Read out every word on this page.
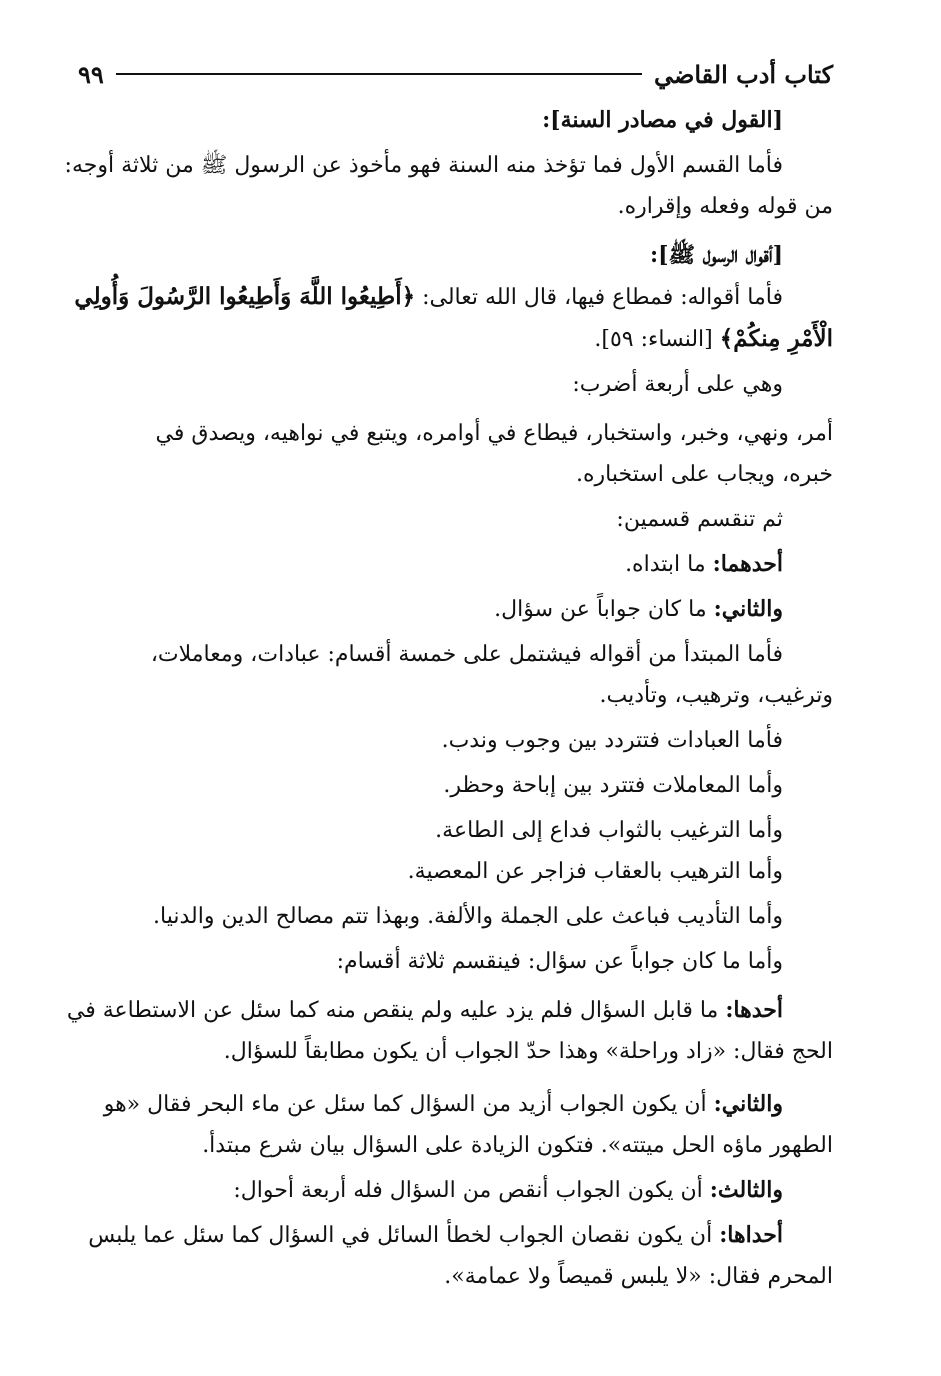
كتاب أدب القاضي
٩٩

[القول في مصادر السنة]:

فأما القسم الأول فما تؤخذ منه السنة فهو مأخوذ عن الرسول ﷺ من ثلاثة أوجه:
من قوله وفعله وإقراره.

[أقوال الرسول ﷺ]:

فأما أقواله: فمطاع فيها، قال الله تعالى: ﴿أَطِيعُوا اللَّهَ وَأَطِيعُوا الرَّسُولَ وَأُولِي
الْأَمْرِ مِنكُمْ﴾ [النساء: ٥٩].

وهي على أربعة أضرب:

أمر، ونهي، وخبر، واستخبار، فيطاع في أوامره، ويتبع في نواهيه، ويصدق في
خبره، ويجاب على استخباره.

ثم تنقسم قسمين:

أحدهما: ما ابتداه.

والثاني: ما كان جواباً عن سؤال.

فأما المبتدأ من أقواله فيشتمل على خمسة أقسام: عبادات، ومعاملات،
وترغيب، وترهيب، وتأديب.

فأما العبادات فتتردد بين وجوب وندب.

وأما المعاملات فتترد بين إباحة وحظر.

وأما الترغيب بالثواب فداع إلى الطاعة.

وأما الترهيب بالعقاب فزاجر عن المعصية.

وأما التأديب فباعث على الجملة والألفة. وبهذا تتم مصالح الدين والدنيا.

وأما ما كان جواباً عن سؤال: فينقسم ثلاثة أقسام:

أحدها: ما قابل السؤال فلم يزد عليه ولم ينقص منه كما سئل عن الاستطاعة في
الحج فقال: «زاد وراحلة» وهذا حدّ الجواب أن يكون مطابقاً للسؤال.

والثاني: أن يكون الجواب أزيد من السؤال كما سئل عن ماء البحر فقال «هو
الطهور ماؤه الحل ميتته». فتكون الزيادة على السؤال بيان شرع مبتدأ.

والثالث: أن يكون الجواب أنقص من السؤال فله أربعة أحوال:

أحداها: أن يكون نقصان الجواب لخطأ السائل في السؤال كما سئل عما يلبس
المحرم فقال: «لا يلبس قميصاً ولا عمامة».
